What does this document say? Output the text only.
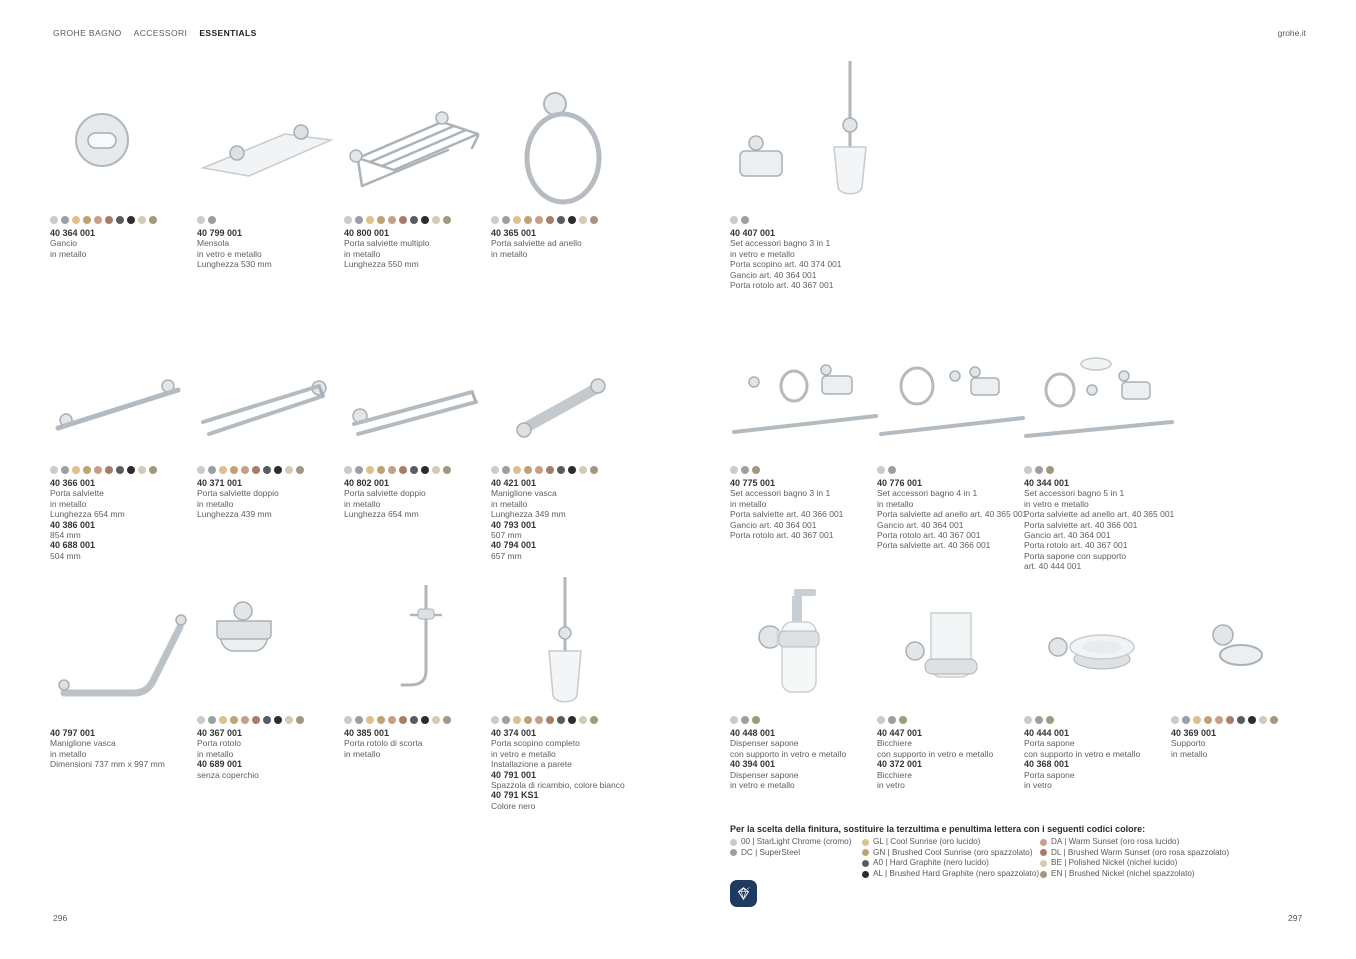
GROHE BAGNO ACCESSORI ESSENTIALS	grohe.it
40 364 001
Gancio
in metallo
40 799 001
Mensola
in vetro e metallo
Lunghezza 530 mm
40 800 001
Porta salviette multiplo
in metallo
Lunghezza 550 mm
40 365 001
Porta salviette ad anello
in metallo
40 407 001
Set accessori bagno 3 in 1
in vetro e metallo
Porta scopino art. 40 374 001
Gancio art. 40 364 001
Porta rotolo art. 40 367 001
40 366 001
Porta salviette
in metallo
Lunghezza 654 mm
40 386 001
854 mm
40 688 001
504 mm
40 371 001
Porta salviette doppio
in metallo
Lunghezza 439 mm
40 802 001
Porta salviette doppio
in metallo
Lunghezza 654 mm
40 421 001
Maniglione vasca
in metallo
Lunghezza 349 mm
40 793 001
507 mm
40 794 001
657 mm
40 775 001
Set accessori bagno 3 in 1
in metallo
Porta salviette art. 40 366 001
Gancio art. 40 364 001
Porta rotolo art. 40 367 001
40 776 001
Set accessori bagno 4 in 1
in metallo
Porta salviette ad anello art. 40 365 001
Gancio art. 40 364 001
Porta rotolo art. 40 367 001
Porta salviette art. 40 366 001
40 344 001
Set accessori bagno 5 in 1
in vetro e metallo
Porta salviette ad anello art. 40 365 001
Porta salviette art. 40 366 001
Gancio art. 40 364 001
Porta rotolo art. 40 367 001
Porta sapone con supporto
art. 40 444 001
40 797 001
Maniglione vasca
in metallo
Dimensioni 737 mm x 997 mm
40 367 001
Porta rotolo
in metallo
40 689 001
senza coperchio
40 385 001
Porta rotolo di scorta
in metallo
40 374 001
Porta scopino completo
in vetro e metallo
Installazione a parete
40 791 001
Spazzola di ricambio, colore bianco
40 791 KS1
Colore nero
40 448 001
Dispenser sapone
con supporto in vetro e metallo
40 394 001
Dispenser sapone
in vetro e metallo
40 447 001
Bicchiere
con supporto in vetro e metallo
40 372 001
Bicchiere
in vetro
40 444 001
Porta sapone
con supporto in vetro e metallo
40 368 001
Porta sapone
in vetro
40 369 001
Supporto
in metallo
Per la scelta della finitura, sostituire la terzultima e penultima lettera con i seguenti codici colore:
00 | StarLight Chrome (cromo)
DC | SuperSteel
GL | Cool Sunrise (oro lucido)
GN | Brushed Cool Sunrise (oro spazzolato)
A0 | Hard Graphite (nero lucido)
AL | Brushed Hard Graphite (nero spazzolato)
DA | Warm Sunset (oro rosa lucido)
DL | Brushed Warm Sunset (oro rosa spazzolato)
BE | Polished Nickel (nichel lucido)
EN | Brushed Nickel (nichel spazzolato)
296	297
